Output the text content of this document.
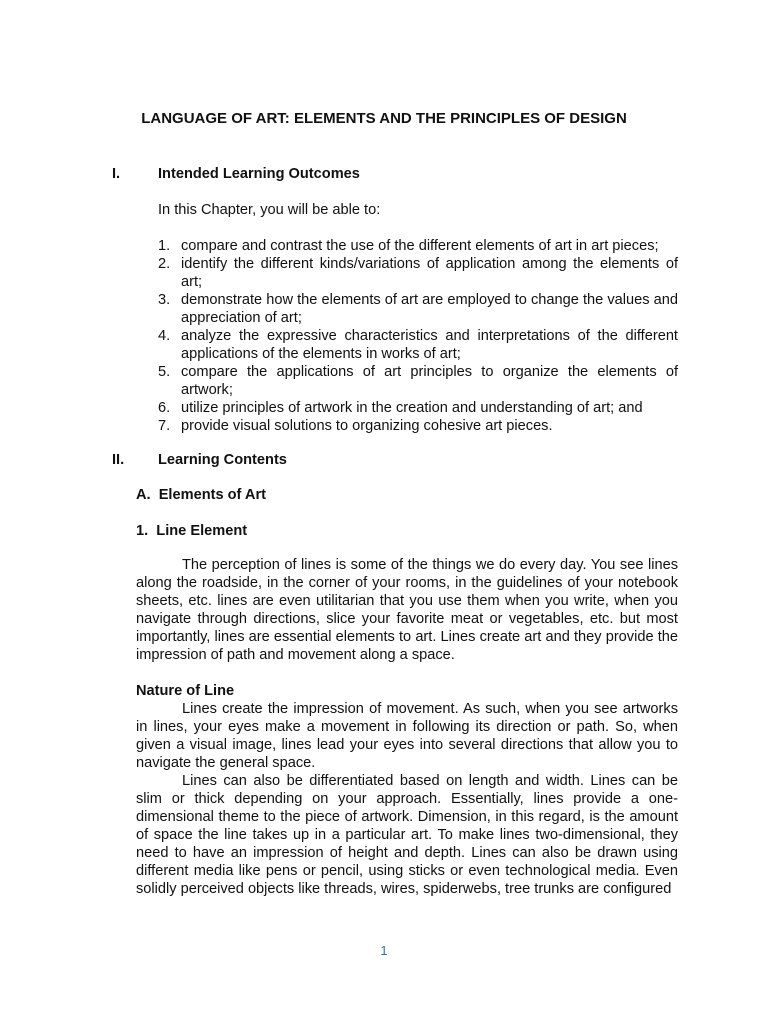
LANGUAGE OF ART: ELEMENTS AND THE PRINCIPLES OF DESIGN
I.	Intended Learning Outcomes
In this Chapter, you will be able to:
1. compare and contrast the use of the different elements of art in art pieces;
2. identify the different kinds/variations of application among the elements of art;
3. demonstrate how the elements of art are employed to change the values and appreciation of art;
4. analyze the expressive characteristics and interpretations of the different applications of the elements in works of art;
5. compare the applications of art principles to organize the elements of artwork;
6. utilize principles of artwork in the creation and understanding of art; and
7. provide visual solutions to organizing cohesive art pieces.
II. Learning Contents
A.  Elements of Art
1.  Line Element

The perception of lines is some of the things we do every day. You see lines along the roadside, in the corner of your rooms, in the guidelines of your notebook sheets, etc. lines are even utilitarian that you use them when you write, when you navigate through directions, slice your favorite meat or vegetables, etc. but most importantly, lines are essential elements to art. Lines create art and they provide the impression of path and movement along a space.

Nature of Line

Lines create the impression of movement. As such, when you see artworks in lines, your eyes make a movement in following its direction or path. So, when given a visual image, lines lead your eyes into several directions that allow you to navigate the general space.

Lines can also be differentiated based on length and width. Lines can be slim or thick depending on your approach. Essentially, lines provide a one-dimensional theme to the piece of artwork. Dimension, in this regard, is the amount of space the line takes up in a particular art. To make lines two-dimensional, they need to have an impression of height and depth. Lines can also be drawn using different media like pens or pencil, using sticks or even technological media. Even solidly perceived objects like threads, wires, spiderwebs, tree trunks are configured

1
